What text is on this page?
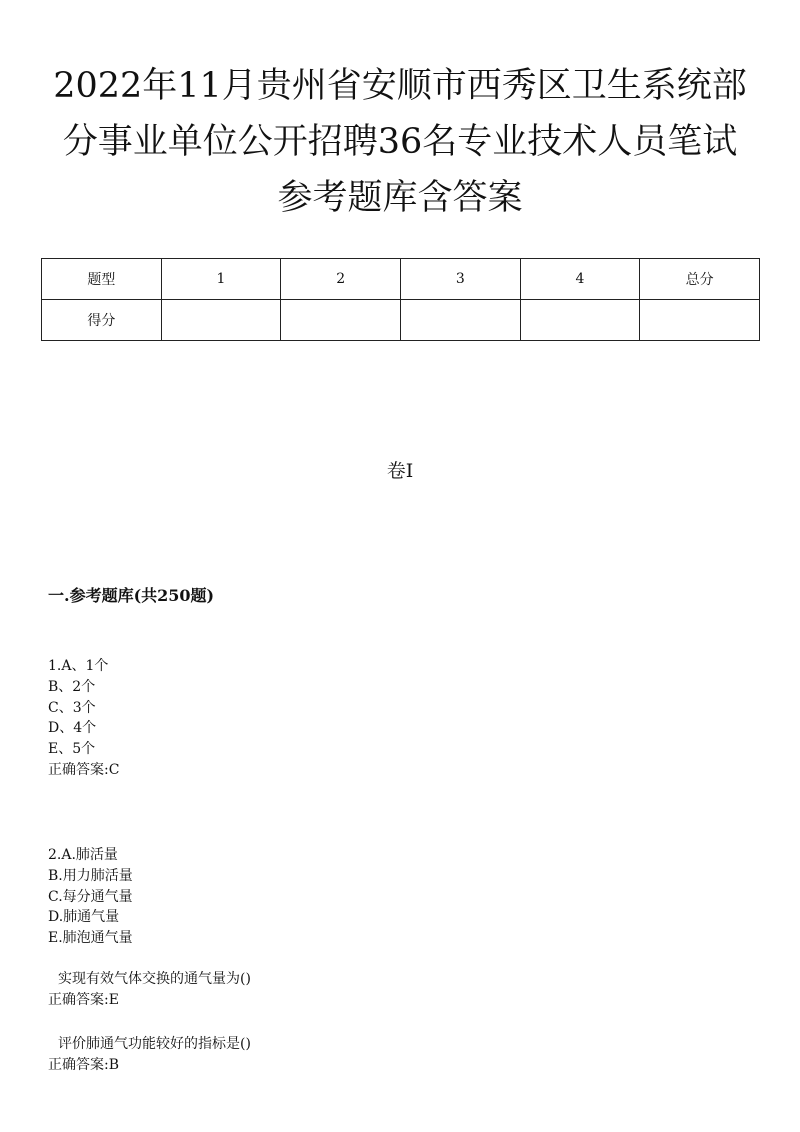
2022年11月贵州省安顺市西秀区卫生系统部
分事业单位公开招聘36名专业技术人员笔试
参考题库含答案
题型	1	2	3	4	总分
得分					
卷I
一.参考题库(共250题)
1.A、1个
B、2个
C、3个
D、4个
E、5个
正确答案:C
2.A.肺活量
B.用力肺活量
C.每分通气量
D.肺通气量
E.肺泡通气量
实现有效气体交换的通气量为()
正确答案:E
评价肺通气功能较好的指标是()
正确答案:B
